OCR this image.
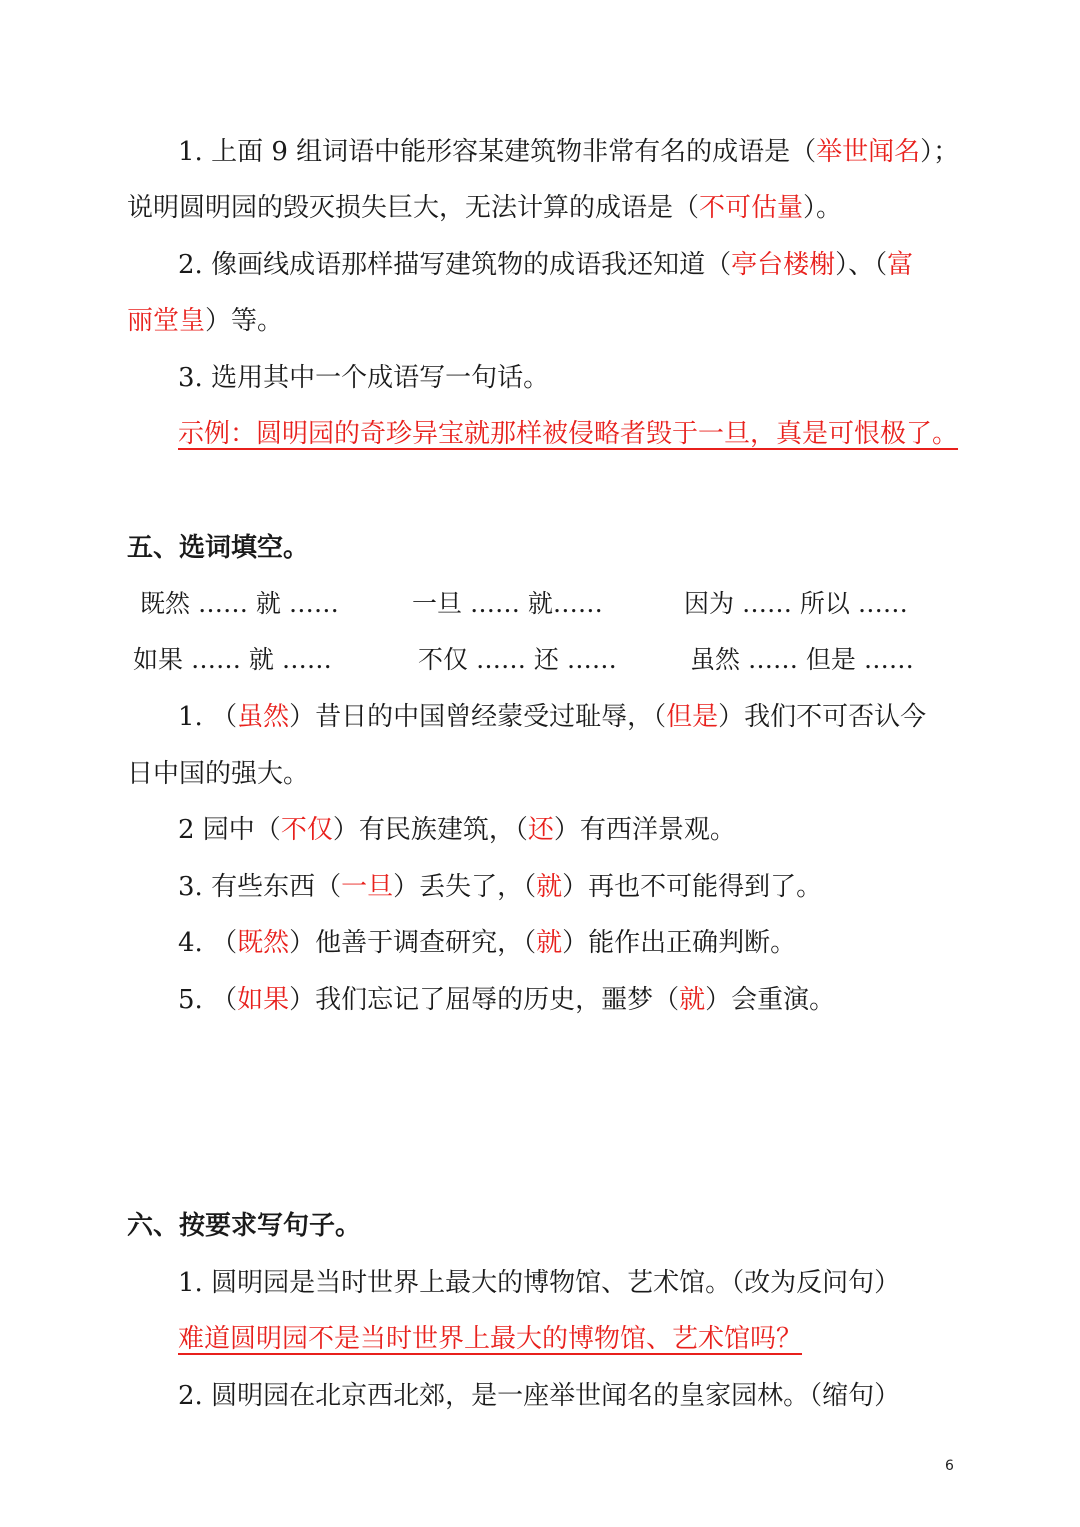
1. 上面 9 组词语中能形容某建筑物非常有名的成语是（举世闻名）；
说明圆明园的毁灭损失巨大，无法计算的成语是（不可估量）。
2. 像画线成语那样描写建筑物的成语我还知道（亭台楼榭）、（富
丽堂皇）等。
3. 选用其中一个成语写一句话。
示例：圆明园的奇珍异宝就那样被侵略者毁于一旦，真是可恨极了。
五、选词填空。
既然 …… 就 ……	一旦 …… 就……	因为 …… 所以 ……
如果 …… 就 ……	不仅 …… 还 ……	虽然 …… 但是 ……
1. （虽然）昔日的中国曾经蒙受过耻辱，（但是）我们不可否认今
日中国的强大。
2 园中（不仅）有民族建筑，（还）有西洋景观。
3. 有些东西（一旦）丢失了，（就）再也不可能得到了。
4. （既然）他善于调查研究，（就）能作出正确判断。
5. （如果）我们忘记了屈辱的历史，噩梦（就）会重演。
六、按要求写句子。
1. 圆明园是当时世界上最大的博物馆、艺术馆。（改为反问句）
难道圆明园不是当时世界上最大的博物馆、艺术馆吗？
2. 圆明园在北京西北郊，是一座举世闻名的皇家园林。（缩句）
6
